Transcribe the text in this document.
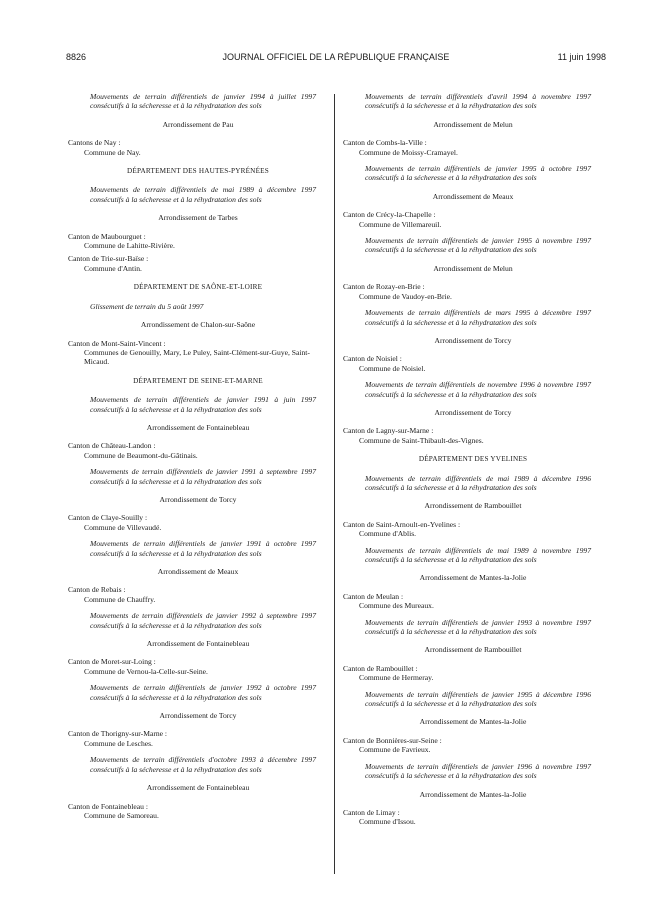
8826	JOURNAL OFFICIEL DE LA RÉPUBLIQUE FRANÇAISE	11 juin 1998
Mouvements de terrain différentiels de janvier 1994 à juillet 1997 consécutifs à la sécheresse et à la réhydratation des sols
Arrondissement de Pau
Cantons de Nay :
Commune de Nay.
DÉPARTEMENT DES HAUTES-PYRÉNÉES
Mouvements de terrain différentiels de mai 1989 à décembre 1997 consécutifs à la sécheresse et à la réhydratation des sols
Arrondissement de Tarbes
Canton de Maubourguet :
Commune de Lahitte-Rivière.
Canton de Trie-sur-Baïse :
Commune d'Antin.
DÉPARTEMENT DE SAÔNE-ET-LOIRE
Glissement de terrain du 5 août 1997
Arrondissement de Chalon-sur-Saône
Canton de Mont-Saint-Vincent :
Communes de Genouilly, Mary, Le Puley, Saint-Clément-sur-Guye, Saint-Micaud.
DÉPARTEMENT DE SEINE-ET-MARNE
Mouvements de terrain différentiels de janvier 1991 à juin 1997 consécutifs à la sécheresse et à la réhydratation des sols
Arrondissement de Fontainebleau
Canton de Château-Landon :
Commune de Beaumont-du-Gâtinais.
Mouvements de terrain différentiels de janvier 1991 à septembre 1997 consécutifs à la sécheresse et à la réhydratation des sols
Arrondissement de Torcy
Canton de Claye-Souilly :
Commune de Villevaudé.
Mouvements de terrain différentiels de janvier 1991 à octobre 1997 consécutifs à la sécheresse et à la réhydratation des sols
Arrondissement de Meaux
Canton de Rebais :
Commune de Chauffry.
Mouvements de terrain différentiels de janvier 1992 à septembre 1997 consécutifs à la sécheresse et à la réhydratation des sols
Arrondissement de Fontainebleau
Canton de Moret-sur-Loing :
Commune de Vernou-la-Celle-sur-Seine.
Mouvements de terrain différentiels de janvier 1992 à octobre 1997 consécutifs à la sécheresse et à la réhydratation des sols
Arrondissement de Torcy
Canton de Thorigny-sur-Marne :
Commune de Lesches.
Mouvements de terrain différentiels d'octobre 1993 à décembre 1997 consécutifs à la sécheresse et à la réhydratation des sols
Arrondissement de Fontainebleau
Canton de Fontainebleau :
Commune de Samoreau.
Mouvements de terrain différentiels d'avril 1994 à novembre 1997 consécutifs à la sécheresse et à la réhydratation des sols
Arrondissement de Melun
Canton de Combs-la-Ville :
Commune de Moissy-Cramayel.
Mouvements de terrain différentiels de janvier 1995 à octobre 1997 consécutifs à la sécheresse et à la réhydratation des sols
Arrondissement de Meaux
Canton de Crécy-la-Chapelle :
Commune de Villemareuil.
Mouvements de terrain différentiels de janvier 1995 à novembre 1997 consécutifs à la sécheresse et à la réhydratation des sols
Arrondissement de Melun
Canton de Rozay-en-Brie :
Commune de Vaudoy-en-Brie.
Mouvements de terrain différentiels de mars 1995 à décembre 1997 consécutifs à la sécheresse et à la réhydratation des sols
Arrondissement de Torcy
Canton de Noisiel :
Commune de Noisiel.
Mouvements de terrain différentiels de novembre 1996 à novembre 1997 consécutifs à la sécheresse et à la réhydratation des sols
Arrondissement de Torcy
Canton de Lagny-sur-Marne :
Commune de Saint-Thibault-des-Vignes.
DÉPARTEMENT DES YVELINES
Mouvements de terrain différentiels de mai 1989 à décembre 1996 consécutifs à la sécheresse et à la réhydratation des sols
Arrondissement de Rambouillet
Canton de Saint-Arnoult-en-Yvelines :
Commune d'Ablis.
Mouvements de terrain différentiels de mai 1989 à novembre 1997 consécutifs à la sécheresse et à la réhydratation des sols
Arrondissement de Mantes-la-Jolie
Canton de Meulan :
Commune des Mureaux.
Mouvements de terrain différentiels de janvier 1993 à novembre 1997 consécutifs à la sécheresse et à la réhydratation des sols
Arrondissement de Rambouillet
Canton de Rambouillet :
Commune de Hermeray.
Mouvements de terrain différentiels de janvier 1995 à décembre 1996 consécutifs à la sécheresse et à la réhydratation des sols
Arrondissement de Mantes-la-Jolie
Canton de Bonnières-sur-Seine :
Commune de Favrieux.
Mouvements de terrain différentiels de janvier 1996 à novembre 1997 consécutifs à la sécheresse et à la réhydratation des sols
Arrondissement de Mantes-la-Jolie
Canton de Limay :
Commune d'Issou.
